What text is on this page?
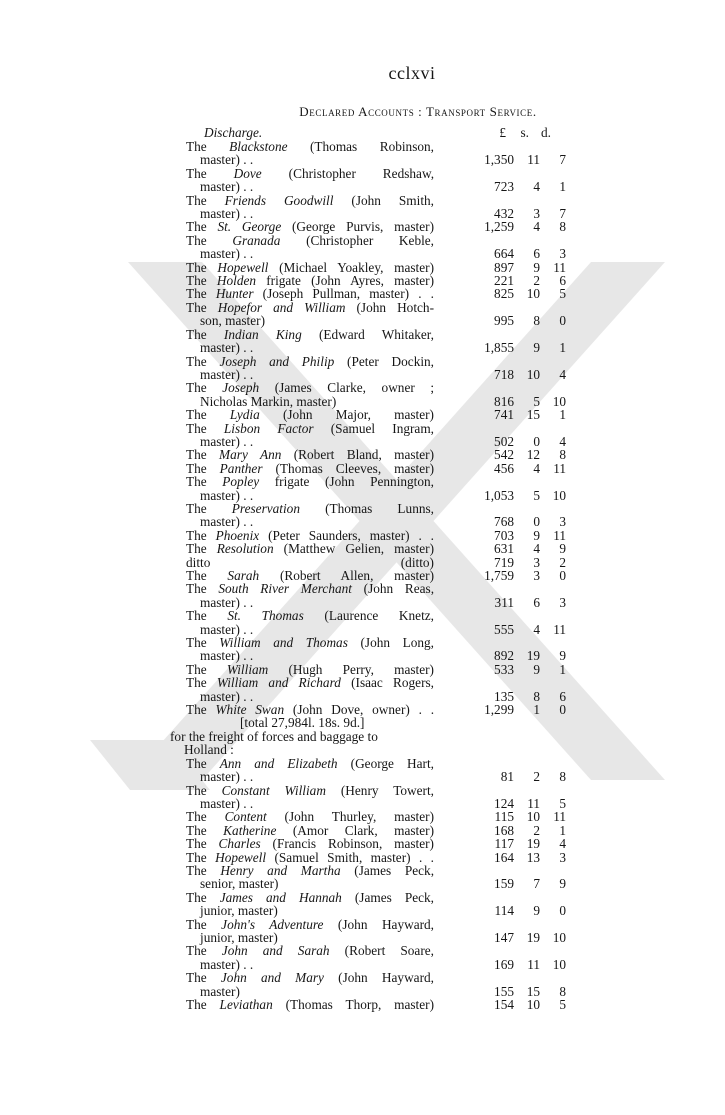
cclxvi
Declared Accounts : Transport Service.
Discharge.	£	s. d.
The Blackstone (Thomas Robinson,
master) . .	1,350 11	7
The Dove (Christopher Redshaw,
master) . .	723	4	1
The Friends Goodwill (John Smith,
master) . .	432	3	7
The St. George (George Purvis, master)	1,259	4	8
The Granada (Christopher Keble,
master) . .	664	6	3
The Hopewell (Michael Yoakley, master)	897	9 11
The Holden frigate (John Ayres, master)	221	2	6
The Hunter (Joseph Pullman, master) . .	825 10	5
The Hopefor and William (John Hotch-
son, master)	995	8	0
The Indian King (Edward Whitaker,
master) . .	1,855	9	1
The Joseph and Philip (Peter Dockin,
master) . .	718 10	4
The Joseph (James Clarke, owner ;
Nicholas Markin, master)	816	5 10
The Lydia (John Major, master)	741 15	1
The Lisbon Factor (Samuel Ingram,
master) . .	502	0	4
The Mary Ann (Robert Bland, master)	542 12	8
The Panther (Thomas Cleeves, master)	456	4 11
The Popley frigate (John Pennington,
master) . .	1,053	5 10
The Preservation (Thomas Lunns,
master) . .	768	0	3
The Phoenix (Peter Saunders, master) . .	703	9 11
The Resolution (Matthew Gelien, master)	631	4	9
ditto (ditto)	719	3	2
The Sarah (Robert Allen, master)	1,759	3	0
The South River Merchant (John Reas,
master) . .	311	6	3
The St. Thomas (Laurence Knetz,
master) . .	555	4 11
The William and Thomas (John Long,
master) . .	892 19	9
The William (Hugh Perry, master)	533	9	1
The William and Richard (Isaac Rogers,
master) . .	135	8	6
The White Swan (John Dove, owner) . .	1,299	1	0
[total 27,984l. 18s. 9d.]
for the freight of forces and baggage to
Holland :
The Ann and Elizabeth (George Hart,
master) . .	81	2	8
The Constant William (Henry Towert,
master) . .	124 11	5
The Content (John Thurley, master)	115 10 11
The Katherine (Amor Clark, master)	168	2	1
The Charles (Francis Robinson, master)	117 19	4
The Hopewell (Samuel Smith, master) . .	164 13	3
The Henry and Martha (James Peck,
senior, master)	159	7	9
The James and Hannah (James Peck,
junior, master)	114	9	0
The John's Adventure (John Hayward,
junior, master)	147 19 10
The John and Sarah (Robert Soare,
master) . .	169 11 10
The John and Mary (John Hayward,
master)	155 15	8
The Leviathan (Thomas Thorp, master)	154 10	5
